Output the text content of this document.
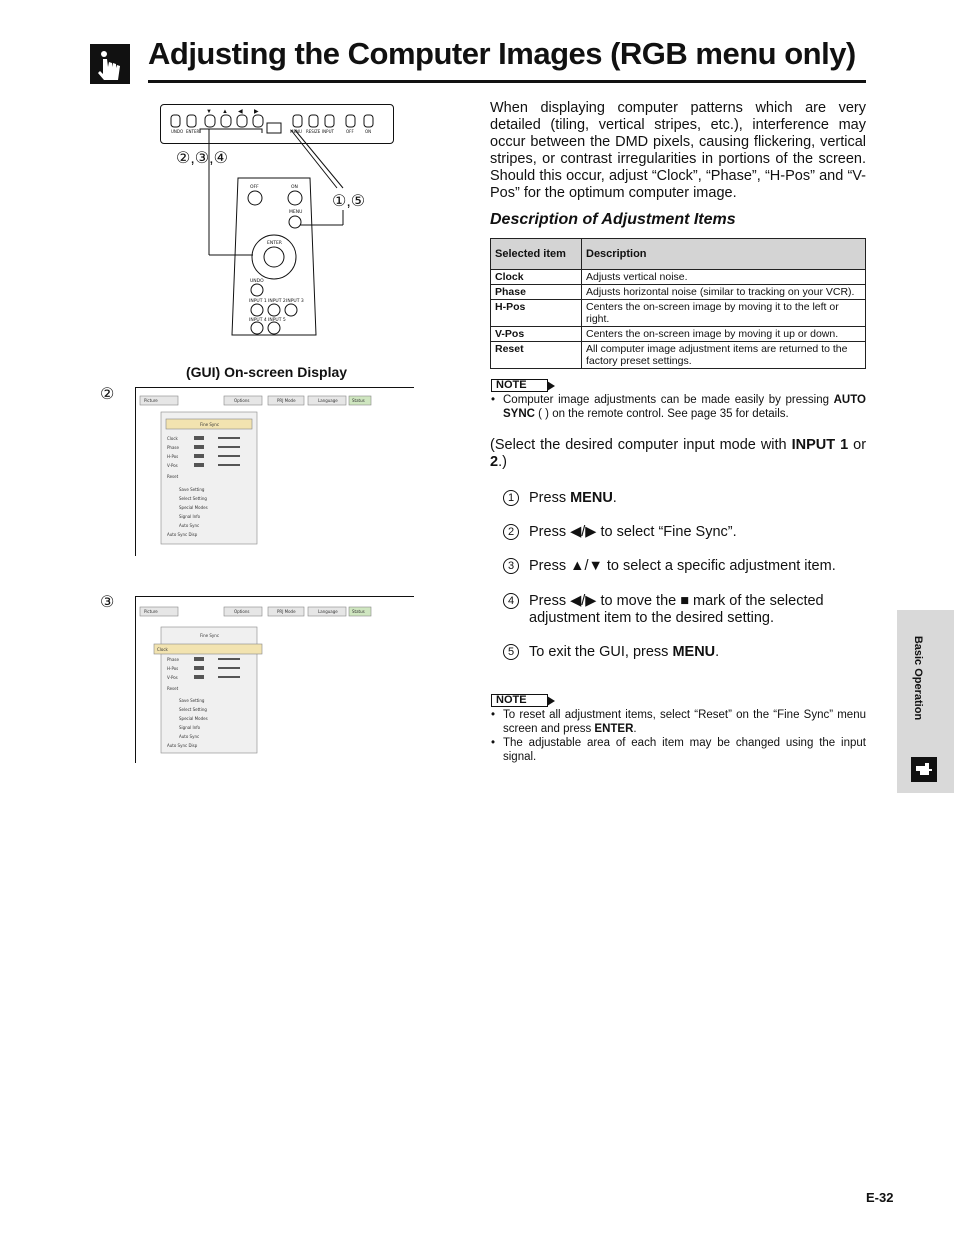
Adjusting the Computer Images (RGB menu only)
UNDO ENTER	MENU RESIZE INPUT	OFF	ON
▼ ▲ ◀ ▶
OFF	ON
MENU
ENTER
UNDO
INPUT 1 INPUT 2 INPUT 3
INPUT 4 INPUT 5
②,③,④
①,⑤
(GUI) On-screen Display
②	Picture	Options	PRJ Mode	Language	Status
Fine Sync
Clock
Phase
H-Pos
V-Pos
Reset
Save Setting
Select Setting
Special Modes
Signal Info
Auto Sync
Auto Sync Disp
③
Picture	Options	PRJ Mode	Language	Status
Fine Sync
Clock
Phase
H-Pos
V-Pos
Reset
Save Setting
Select Setting
Special Modes
Signal Info
Auto Sync
Auto Sync Disp
When displaying computer patterns which are very detailed (tiling, vertical stripes, etc.), interference may occur between the DMD pixels, causing flickering, vertical stripes, or contrast irregularities in portions of the screen. Should this occur, adjust “Clock”, “Phase”, “H-Pos” and “V-Pos” for the optimum computer image.
Description of Adjustment Items
Selected item	Description
Clock	Adjusts vertical noise.
Phase	Adjusts horizontal noise (similar to tracking on your VCR).
H-Pos	Centers the on-screen image by moving it to the left or right.
V-Pos	Centers the on-screen image by moving it up or down.
Reset	All computer image adjustment items are returned to the factory preset settings.
NOTE
• Computer image adjustments can be made easily by pressing AUTO SYNC ( ) on the remote control. See page 35 for details.
(Select the desired computer input mode with INPUT 1 or 2.)
1 Press MENU.
2 Press ◀/▶ to select “Fine Sync”.
3 Press ▲/▼ to select a specific adjustment item.
4 Press ◀/▶ to move the ■ mark of the selected adjustment item to the desired setting.
5 To exit the GUI, press MENU.
NOTE
• To reset all adjustment items, select “Reset” on the “Fine Sync” menu screen and press ENTER.
• The adjustable area of each item may be changed using the input signal.
Basic Operation
E-32
